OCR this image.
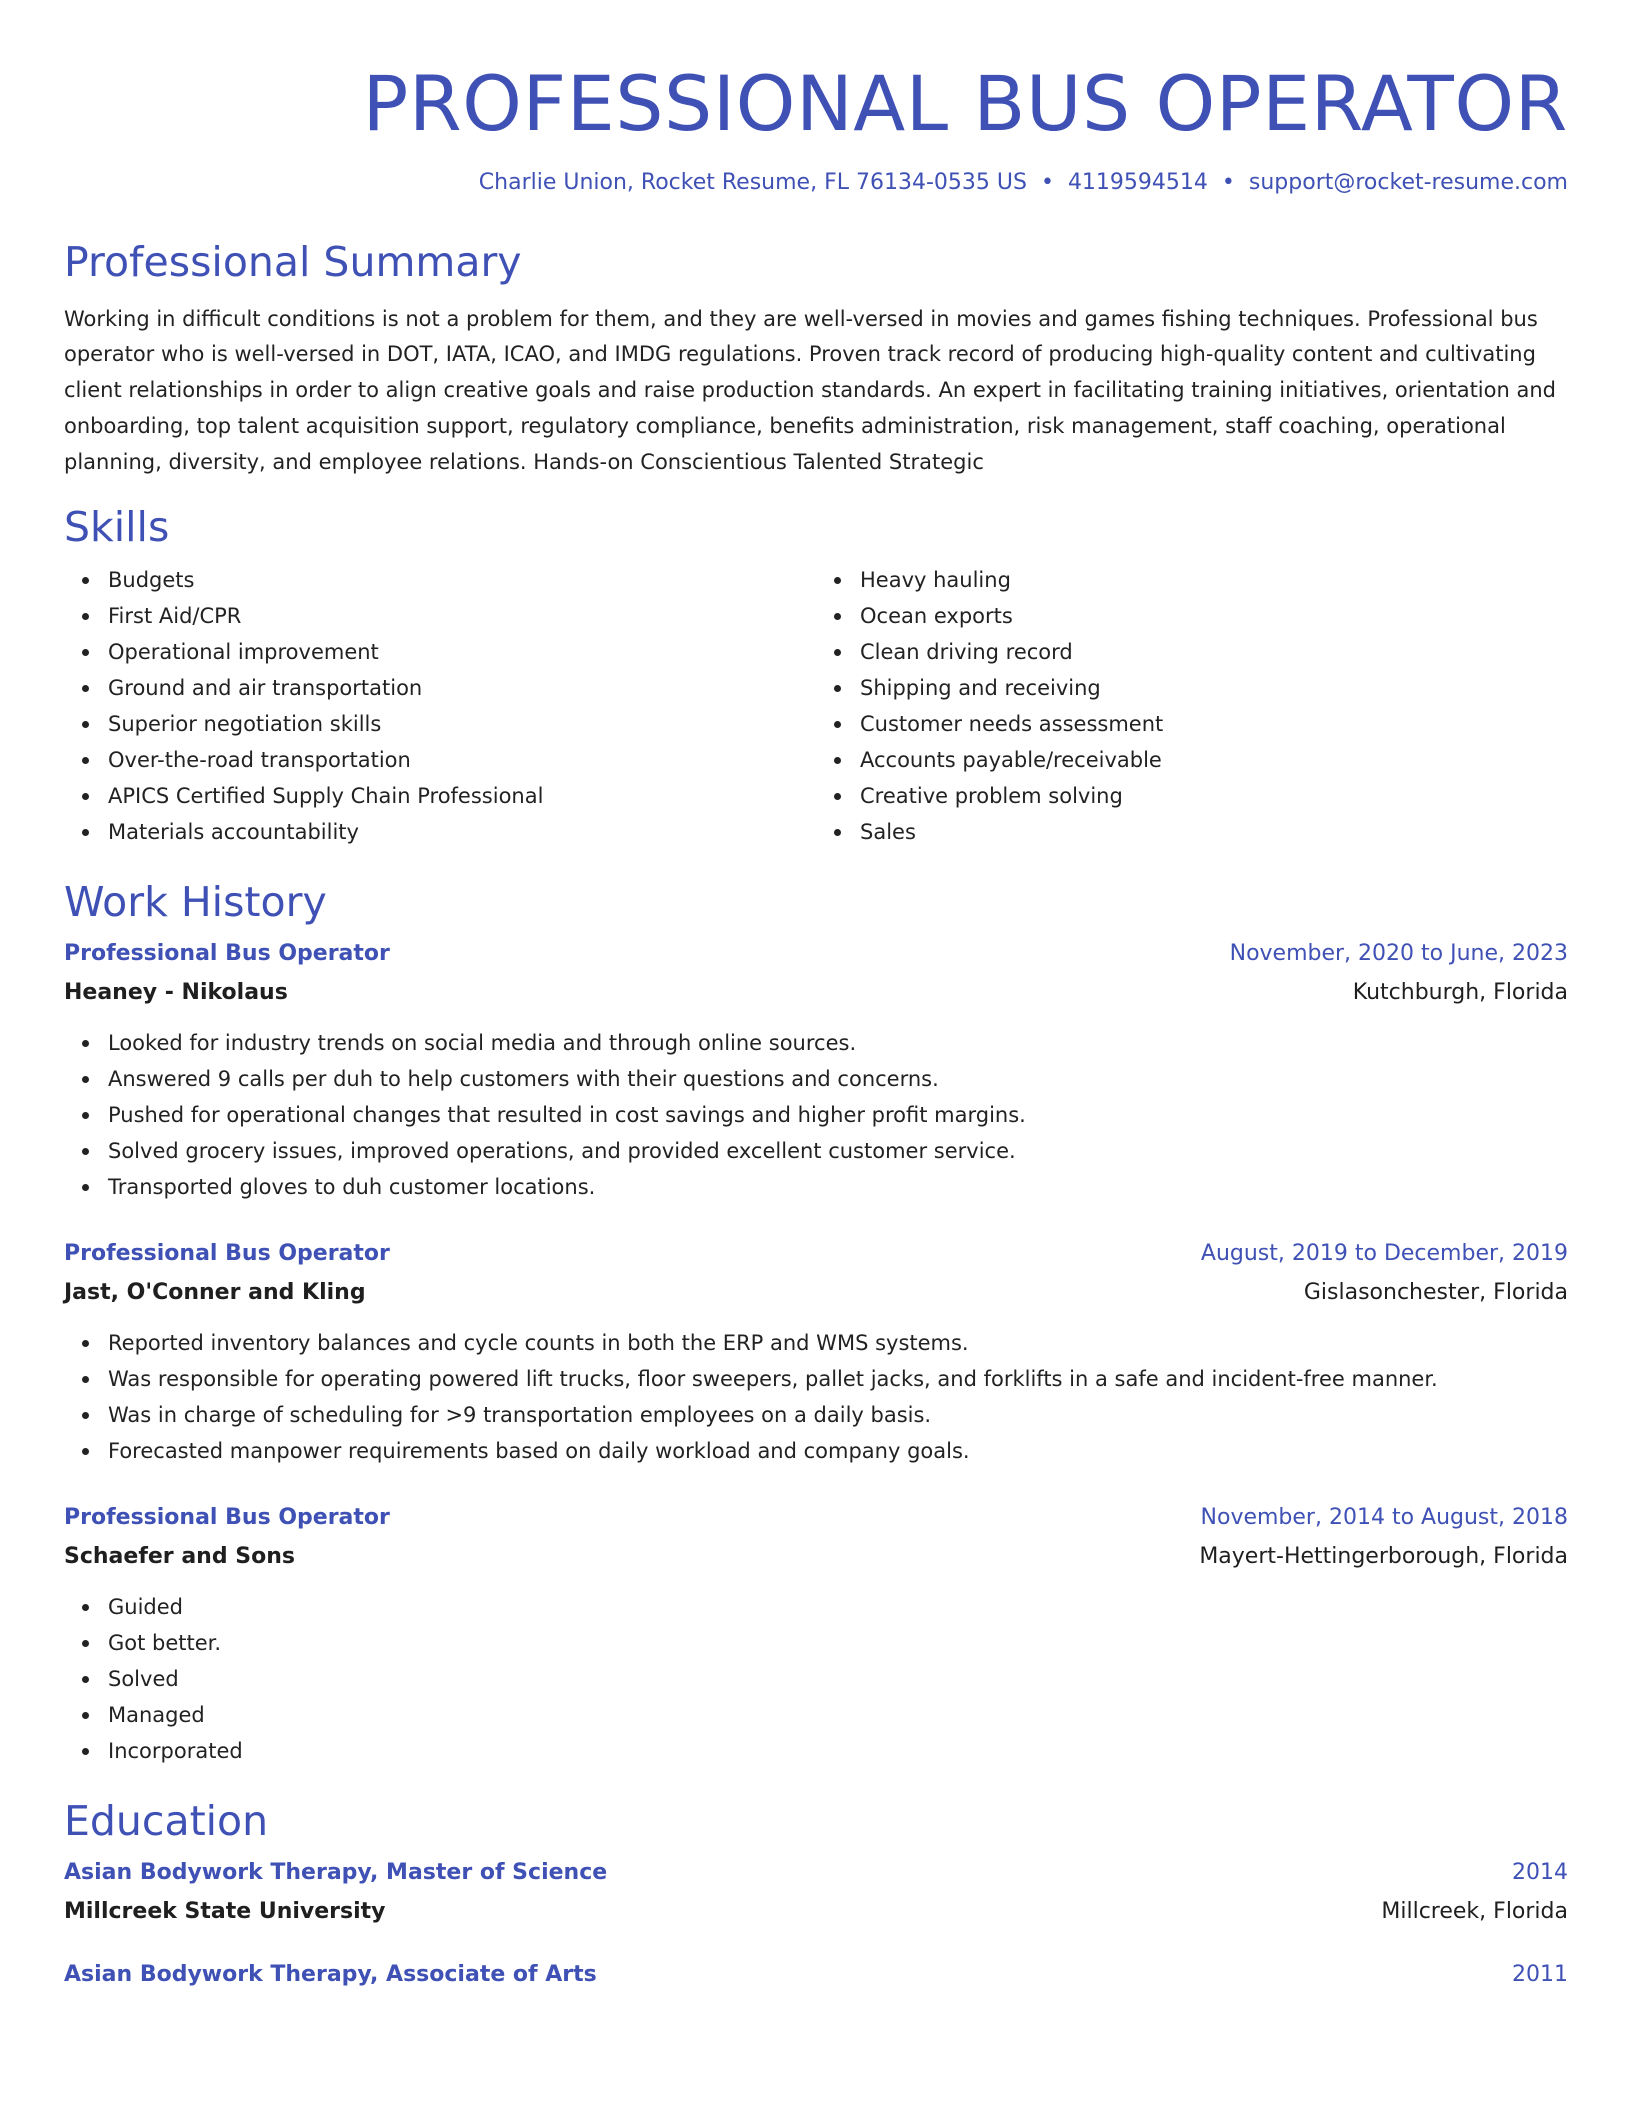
PROFESSIONAL BUS OPERATOR
Charlie Union, Rocket Resume, FL 76134-0535 US • 4119594514 • support@rocket-resume.com
Professional Summary

Working in difficult conditions is not a problem for them, and they are well-versed in movies and games fishing techniques. Professional bus operator who is well-versed in DOT, IATA, ICAO, and IMDG regulations. Proven track record of producing high-quality content and cultivating client relationships in order to align creative goals and raise production standards. An expert in facilitating training initiatives, orientation and onboarding, top talent acquisition support, regulatory compliance, benefits administration, risk management, staff coaching, operational planning, diversity, and employee relations. Hands-on Conscientious Talented Strategic

Skills
Budgets
First Aid/CPR
Operational improvement
Ground and air transportation
Superior negotiation skills
Over-the-road transportation
APICS Certified Supply Chain Professional
Materials accountability
Heavy hauling
Ocean exports
Clean driving record
Shipping and receiving
Customer needs assessment
Accounts payable/receivable
Creative problem solving
Sales
Work History
Professional Bus Operator	November, 2020 to June, 2023
Heaney - Nikolaus	Kutchburgh, Florida
Looked for industry trends on social media and through online sources.
Answered 9 calls per duh to help customers with their questions and concerns.
Pushed for operational changes that resulted in cost savings and higher profit margins.
Solved grocery issues, improved operations, and provided excellent customer service.
Transported gloves to duh customer locations.
Professional Bus Operator	August, 2019 to December, 2019
Jast, O'Conner and Kling	Gislasonchester, Florida
Reported inventory balances and cycle counts in both the ERP and WMS systems.
Was responsible for operating powered lift trucks, floor sweepers, pallet jacks, and forklifts in a safe and incident-free manner.
Was in charge of scheduling for >9 transportation employees on a daily basis.
Forecasted manpower requirements based on daily workload and company goals.
Professional Bus Operator	November, 2014 to August, 2018
Schaefer and Sons	Mayert-Hettingerborough, Florida
Guided
Got better.
Solved
Managed
Incorporated
Education
Asian Bodywork Therapy, Master of Science	2014
Millcreek State University	Millcreek, Florida
Asian Bodywork Therapy, Associate of Arts	2011
